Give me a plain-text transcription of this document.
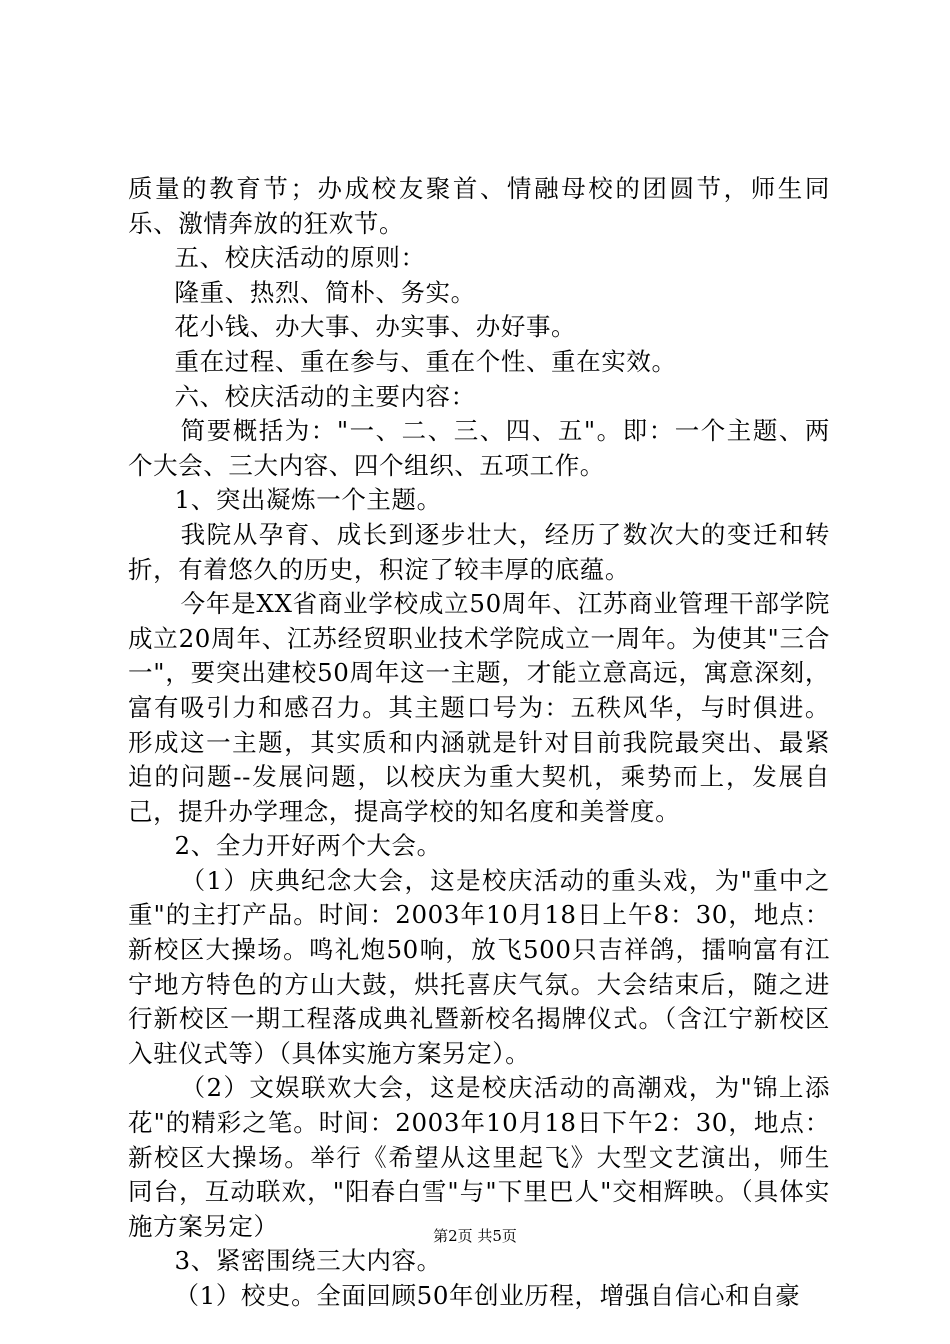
质量的教育节；办成校友聚首、情融母校的团圆节，师生同乐、激情奔放的狂欢节。

五、校庆活动的原则：

隆重、热烈、简朴、务实。

花小钱、办大事、办实事、办好事。

重在过程、重在参与、重在个性、重在实效。

六、校庆活动的主要内容：

简要概括为："一、二、三、四、五"。即：一个主题、两个大会、三大内容、四个组织、五项工作。

1、突出凝炼一个主题。

我院从孕育、成长到逐步壮大，经历了数次大的变迁和转折，有着悠久的历史，积淀了较丰厚的底蕴。

今年是XX省商业学校成立50周年、江苏商业管理干部学院成立20周年、江苏经贸职业技术学院成立一周年。为使其"三合一"，要突出建校50周年这一主题，才能立意高远，寓意深刻，富有吸引力和感召力。其主题口号为：五秩风华，与时俱进。形成这一主题，其实质和内涵就是针对目前我院最突出、最紧迫的问题--发展问题，以校庆为重大契机，乘势而上，发展自己，提升办学理念，提高学校的知名度和美誉度。

2、全力开好两个大会。

（1）庆典纪念大会，这是校庆活动的重头戏，为"重中之重"的主打产品。时间：2003年10月18日上午8：30，地点：新校区大操场。鸣礼炮50响，放飞500只吉祥鸽，擂响富有江宁地方特色的方山大鼓，烘托喜庆气氛。大会结束后，随之进行新校区一期工程落成典礼暨新校名揭牌仪式。（含江宁新校区入驻仪式等）（具体实施方案另定）。

（2）文娱联欢大会，这是校庆活动的高潮戏，为"锦上添花"的精彩之笔。时间：2003年10月18日下午2：30，地点：新校区大操场。举行《希望从这里起飞》大型文艺演出，师生同台，互动联欢，"阳春白雪"与"下里巴人"交相辉映。（具体实施方案另定）

3、紧密围绕三大内容。

（1）校史。全面回顾50年创业历程，增强自信心和自豪

第2页 共5页
